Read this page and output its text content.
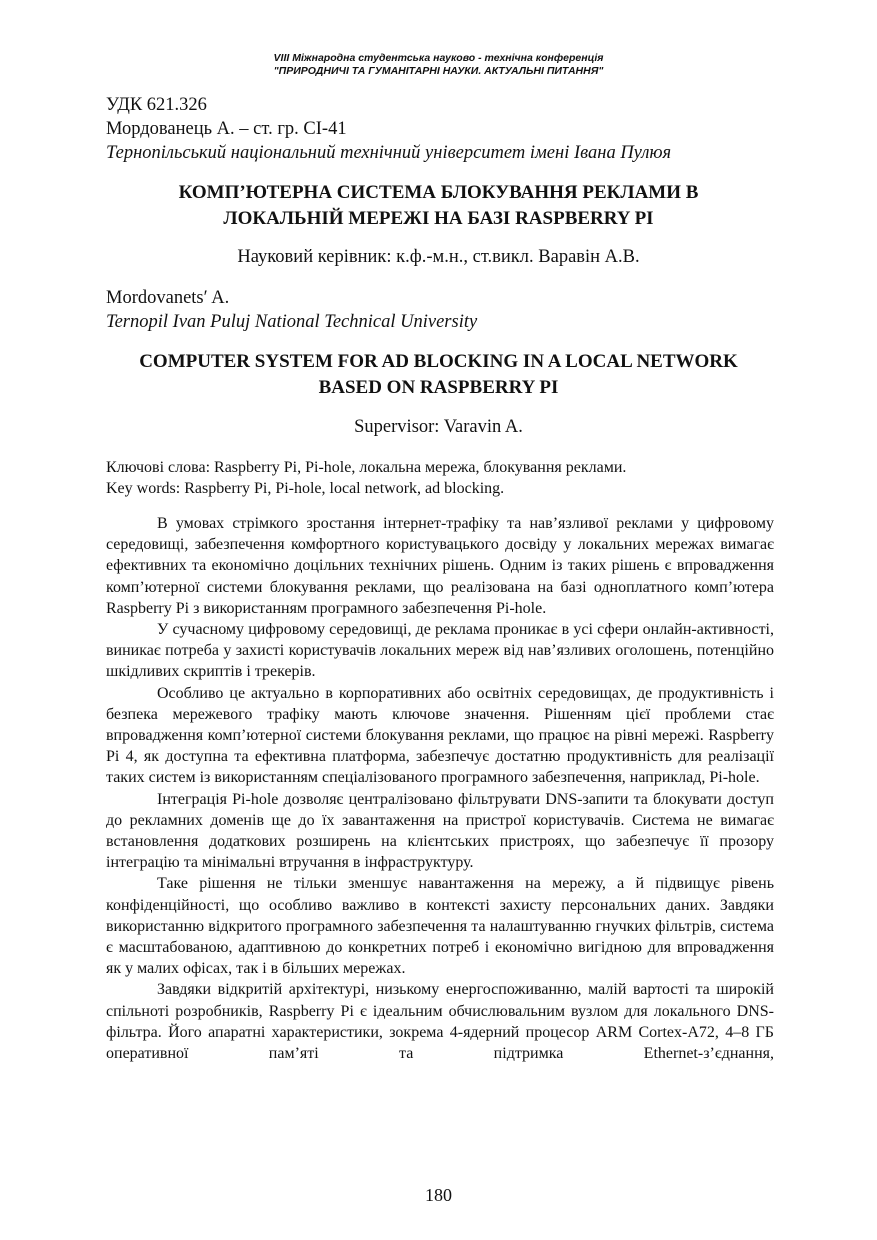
VIII Міжнародна студентська науково - технічна конференція
"ПРИРОДНИЧІ ТА ГУМАНІТАРНІ НАУКИ. АКТУАЛЬНІ ПИТАННЯ"
УДК 621.326
Мордованець А. – ст. гр. СІ-41
Тернопільський національний технічний університет імені Івана Пулюя
КОМП’ЮТЕРНА СИСТЕМА БЛОКУВАННЯ РЕКЛАМИ В
ЛОКАЛЬНІЙ МЕРЕЖІ НА БАЗІ RASPBERRY PI
Науковий керівник: к.ф.-м.н., ст.викл. Варавін А.В.
Mordovanets′ A.
Ternopil Ivan Puluj National Technical University
COMPUTER SYSTEM FOR AD BLOCKING IN A LOCAL NETWORK
BASED ON RASPBERRY PI
Supervisor: Varavin A.
Ключові слова: Raspberry Pi, Pi-hole, локальна мережа, блокування реклами.
Key words: Raspberry Pi, Pi-hole, local network, ad blocking.

В умовах стрімкого зростання інтернет-трафіку та нав’язливої реклами у цифровому середовищі, забезпечення комфортного користувацького досвіду у локальних мережах вимагає ефективних та економічно доцільних технічних рішень. Одним із таких рішень є впровадження комп’ютерної системи блокування реклами, що реалізована на базі одноплатного комп’ютера Raspberry Pi з використанням програмного забезпечення Pi-hole.

У сучасному цифровому середовищі, де реклама проникає в усі сфери онлайн-активності, виникає потреба у захисті користувачів локальних мереж від нав’язливих оголошень, потенційно шкідливих скриптів і трекерів.

Особливо це актуально в корпоративних або освітніх середовищах, де продуктивність і безпека мережевого трафіку мають ключове значення. Рішенням цієї проблеми стає впровадження комп’ютерної системи блокування реклами, що працює на рівні мережі. Raspberry Pi 4, як доступна та ефективна платформа, забезпечує достатню продуктивність для реалізації таких систем із використанням спеціалізованого програмного забезпечення, наприклад, Pi-hole.

Інтеграція Pi-hole дозволяє централізовано фільтрувати DNS-запити та блокувати доступ до рекламних доменів ще до їх завантаження на пристрої користувачів. Система не вимагає встановлення додаткових розширень на клієнтських пристроях, що забезпечує її прозору інтеграцію та мінімальні втручання в інфраструктуру.

Таке рішення не тільки зменшує навантаження на мережу, а й підвищує рівень конфіденційності, що особливо важливо в контексті захисту персональних даних. Завдяки використанню відкритого програмного забезпечення та налаштуванню гнучких фільтрів, система є масштабованою, адаптивною до конкретних потреб і економічно вигідною для впровадження як у малих офісах, так і в більших мережах.

Завдяки відкритій архітектурі, низькому енергоспоживанню, малій вартості та широкій спільноті розробників, Raspberry Pi є ідеальним обчислювальним вузлом для локального DNS-фільтра. Його апаратні характеристики, зокрема 4-ядерний процесор ARM Cortex-A72, 4–8 ГБ оперативної пам’яті та підтримка Ethernet-з’єднання,

180
